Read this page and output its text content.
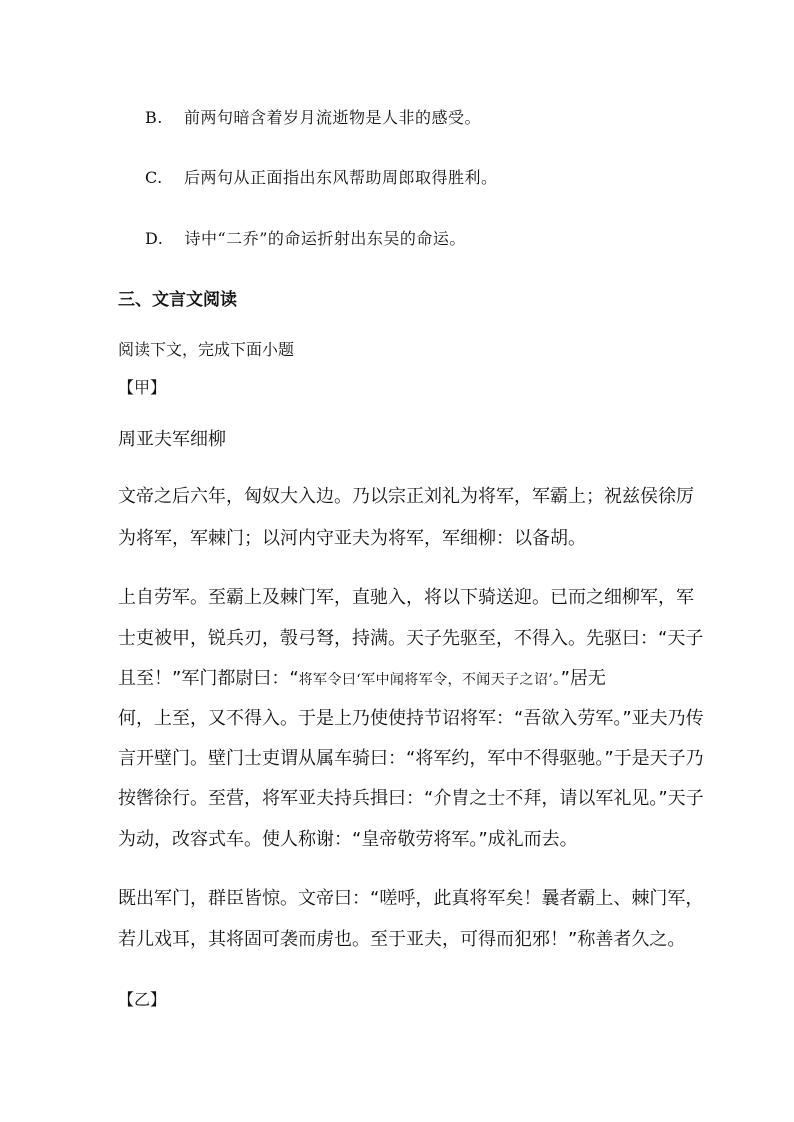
B. 前两句暗含着岁月流逝物是人非的感受。
C. 后两句从正面指出东风帮助周郎取得胜利。
D. 诗中“二乔”的命运折射出东吴的命运。
三、文言文阅读
阅读下文，完成下面小题
【甲】
周亚夫军细柳
文帝之后六年，匈奴大入边。乃以宗正刘礼为将军，军霸上；祝兹侯徐厉
为将军，军棘门；以河内守亚夫为将军，军细柳：以备胡。
上自劳军。至霸上及棘门军，直驰入，将以下骑送迎。已而之细柳军，军
士吏被甲，锐兵刃，彀弓弩，持满。天子先驱至，不得入。先驱曰：“天子
且至！”军门都尉曰：“将军令曰‘军中闻将军令，不闻天子之诏’。”居无
何，上至，又不得入。于是上乃使使持节诏将军：“吾欲入劳军。”亚夫乃传
言开壁门。壁门士吏谓从属车骑曰：“将军约，军中不得驱驰。”于是天子乃
按辔徐行。至营，将军亚夫持兵揖曰：“介胄之士不拜，请以军礼见。”天子
为动，改容式车。使人称谢：“皇帝敬劳将军。”成礼而去。
既出军门，群臣皆惊。文帝曰：“嗟呼，此真将军矣！曩者霸上、棘门军，
若儿戏耳，其将固可袭而虏也。至于亚夫，可得而犯邪！”称善者久之。
【乙】
